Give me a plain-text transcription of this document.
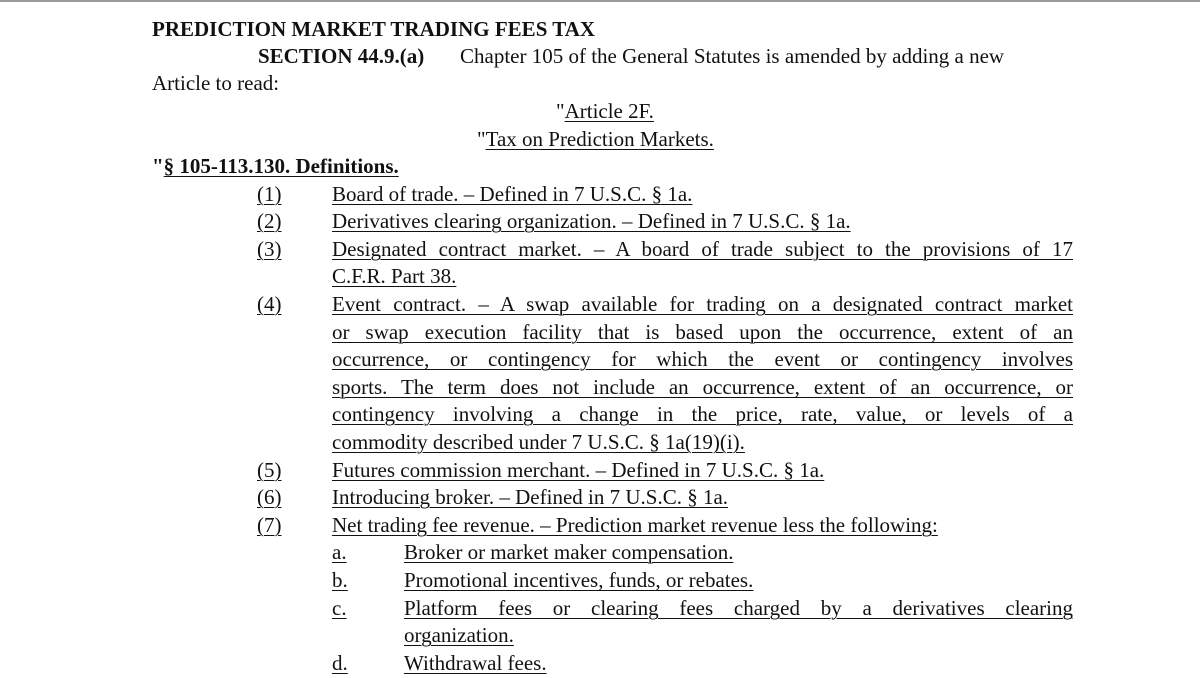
PREDICTION MARKET TRADING FEES TAX
SECTION 44.9.(a) Chapter 105 of the General Statutes is amended by adding a new
Article to read:
"Article 2F.
"Tax on Prediction Markets.
"§ 105-113.130. Definitions.
(1) Board of trade. – Defined in 7 U.S.C. § 1a.
(2) Derivatives clearing organization. – Defined in 7 U.S.C. § 1a.
(3) Designated contract market. – A board of trade subject to the provisions of 17
C.F.R. Part 38.
(4) Event contract. – A swap available for trading on a designated contract market
or swap execution facility that is based upon the occurrence, extent of an
occurrence, or contingency for which the event or contingency involves
sports. The term does not include an occurrence, extent of an occurrence, or
contingency involving a change in the price, rate, value, or levels of a
commodity described under 7 U.S.C. § 1a(19)(i).
(5) Futures commission merchant. – Defined in 7 U.S.C. § 1a.
(6) Introducing broker. – Defined in 7 U.S.C. § 1a.
(7) Net trading fee revenue. – Prediction market revenue less the following:
a.	Broker or market maker compensation.
b.	Promotional incentives, funds, or rebates.
c.	Platform fees or clearing fees charged by a derivatives clearing
organization.
d.	Withdrawal fees.
